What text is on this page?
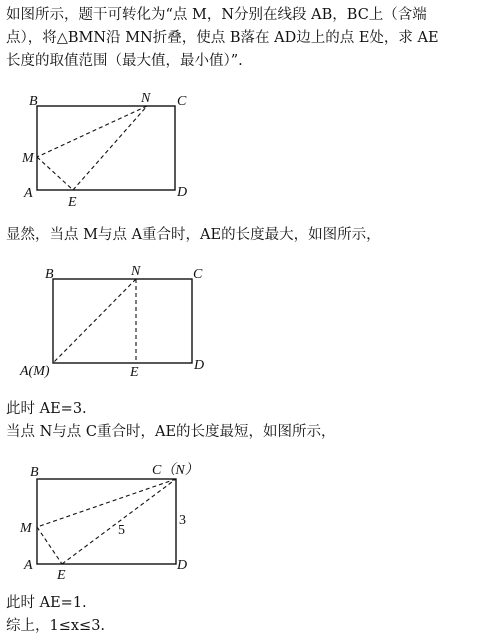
如图所示，题干可转化为“点 M，N分别在线段 AB，BC上（含端
点），将△BMN沿 MN折叠，使点 B落在 AD边上的点 E处，求 AE
长度的取值范围（最大值，最小值）”.
B	N C
M
A
E
D
显然，当点 M与点 A重合时，AE的长度最大，如图所示，
B	N	C
A(M)	E	D
此时 AE=3.
当点 N与点 C重合时，AE的长度最短，如图所示，
B	C（N）
M
A
E
D
3
5
此时 AE=1.
综上，1≤x≤3.
